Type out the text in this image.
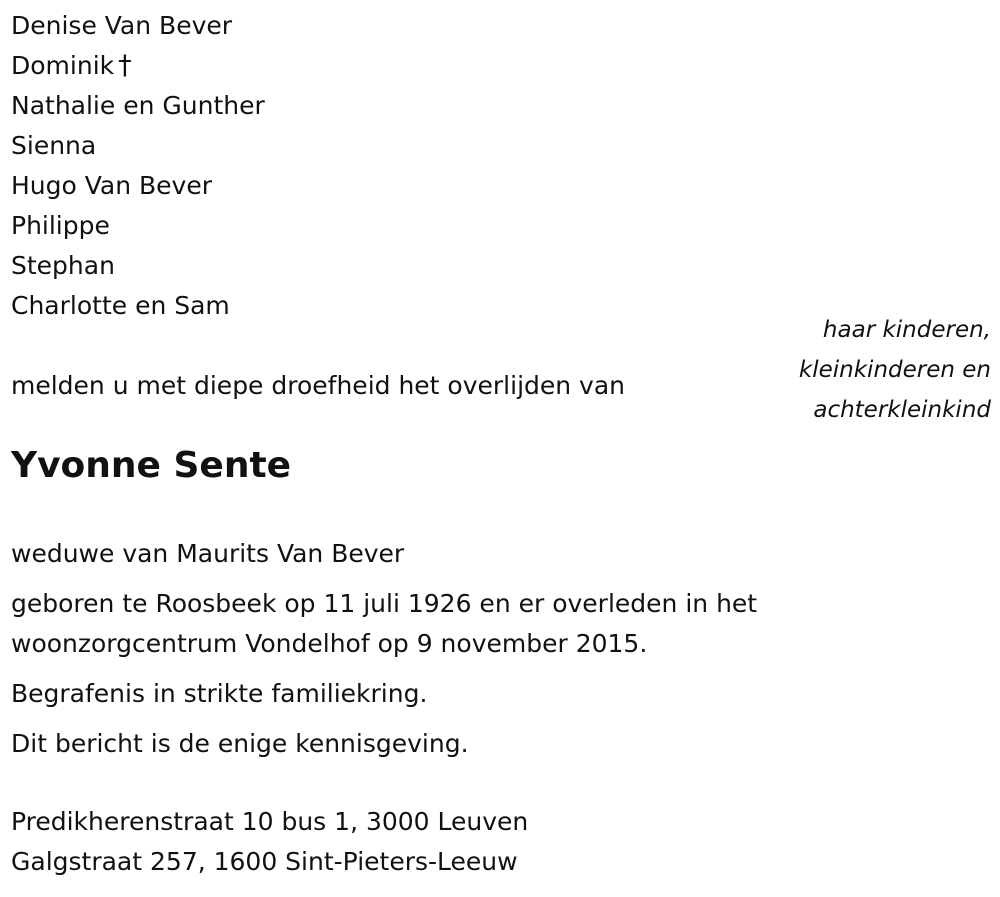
Denise Van Bever
Dominik †
Nathalie en Gunther
Sienna
Hugo Van Bever
Philippe
Stephan
Charlotte en Sam
haar kinderen,
kleinkinderen en
achterkleinkind
melden u met diepe droefheid het overlijden van
Yvonne Sente

weduwe van Maurits Van Bever

geboren te Roosbeek op 11 juli 1926 en er overleden in het woonzorgcentrum Vondelhof op 9 november 2015.

Begrafenis in strikte familiekring.

Dit bericht is de enige kennisgeving.

Predikherenstraat 10 bus 1, 3000 Leuven
Galgstraat 257, 1600 Sint-Pieters-Leeuw
